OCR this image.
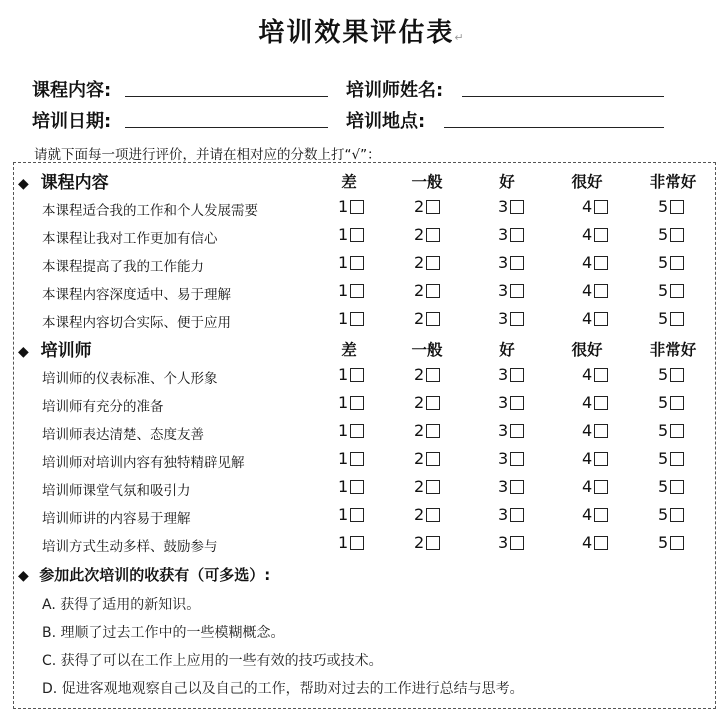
培训效果评估表↵
课程内容:	培训师姓名:
培训日期:	培训地点:
请就下面每一项进行评价，并请在相对应的分数上打“√”：
◆ 课程内容	差	一般	好	很好	非常好
本课程适合我的工作和个人发展需要	1	2	3	4	5
本课程让我对工作更加有信心	1	2	3	4	5
本课程提高了我的工作能力	1	2	3	4	5
本课程内容深度适中、易于理解	1	2	3	4	5
本课程内容切合实际、便于应用	1	2	3	4	5
◆ 培训师	差	一般	好	很好	非常好
培训师的仪表标准、个人形象	1	2	3	4	5
培训师有充分的准备	1	2	3	4	5
培训师表达清楚、态度友善	1	2	3	4	5
培训师对培训内容有独特精辟见解	1	2	3	4	5
培训师课堂气氛和吸引力	1	2	3	4	5
培训师讲的内容易于理解	1	2	3	4	5
培训方式生动多样、鼓励参与	1	2	3	4	5
◆ 参加此次培训的收获有（可多选）:
A. 获得了适用的新知识。
B. 理顺了过去工作中的一些模糊概念。
C. 获得了可以在工作上应用的一些有效的技巧或技术。
D. 促进客观地观察自己以及自己的工作，帮助对过去的工作进行总结与思考。
